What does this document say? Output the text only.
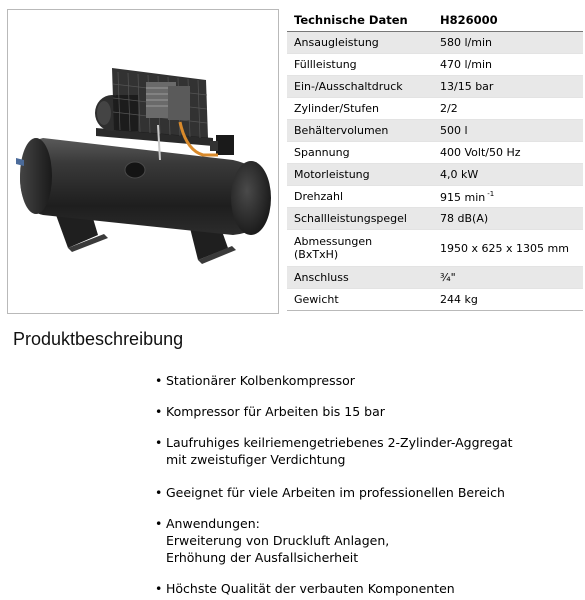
Technische Daten	H826000
Ansaugleistung	580 l/min
Füllleistung	470 l/min
Ein-/Ausschaltdruck	13/15 bar
Zylinder/Stufen	2/2
Behältervolumen	500 l
Spannung	400 Volt/50 Hz
Motorleistung	4,0 kW
Drehzahl	915 min $^{-1}$
Schallleistungspegel	78 dB(A)
Abmessungen
(BxTxH)	1950 x 625 x 1305 mm
Anschluss	¾"
Gewicht	244 kg
Produktbeschreibung
• Stationärer Kolbenkompressor
• Kompressor für Arbeiten bis 15 bar
• Laufruhiges keilriemengetriebenes 2-Zylinder-Aggregat
mit zweistufiger Verdichtung
• Geeignet für viele Arbeiten im professionellen Bereich
• Anwendungen:
Erweiterung von Druckluft Anlagen,
Erhöhung der Ausfallsicherheit
• Höchste Qualität der verbauten Komponenten
